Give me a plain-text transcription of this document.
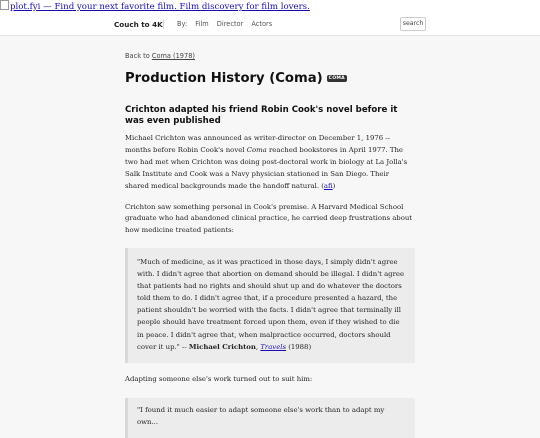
plot.fyi — Find your next favorite film. Film discovery for film lovers.
Couch to 4K By: Film Director Actors	search
Back to Coma (1978)
Production History (Coma)	COMA
Crichton adapted his friend Robin Cook's novel before it was even published

Michael Crichton was announced as writer-director on December 1, 1976 -- months before Robin Cook's novel Coma reached bookstores in April 1977. The two had met when Crichton was doing post-doctoral work in biology at La Jolla's Salk Institute and Cook was a Navy physician stationed in San Diego. Their shared medical backgrounds made the handoff natural. (afi)

Crichton saw something personal in Cook's premise. A Harvard Medical School graduate who had abandoned clinical practice, he carried deep frustrations about how medicine treated patients:

"Much of medicine, as it was practiced in those days, I simply didn't agree with. I didn't agree that abortion on demand should be illegal. I didn't agree that patients had no rights and should shut up and do whatever the doctors told them to do. I didn't agree that, if a procedure presented a hazard, the patient shouldn't be worried with the facts. I didn't agree that terminally ill people should have treatment forced upon them, even if they wished to die in peace. I didn't agree that, when malpractice occurred, doctors should cover it up." -- Michael Crichton, Travels (1988)

Adapting someone else's work turned out to suit him:

"I found it much easier to adapt someone else's work than to adapt my own...
